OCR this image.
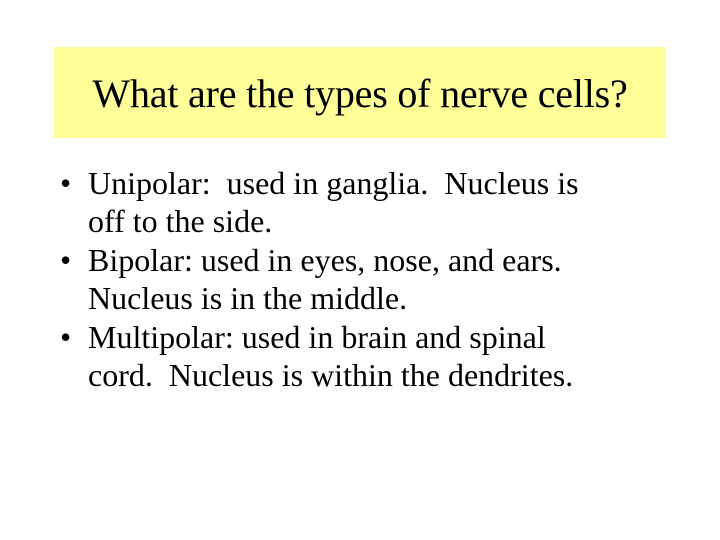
What are the types of nerve cells?
• Unipolar:  used in ganglia.  Nucleus is
off to the side.
• Bipolar: used in eyes, nose, and ears.
Nucleus is in the middle.
• Multipolar: used in brain and spinal
cord.  Nucleus is within the dendrites.
